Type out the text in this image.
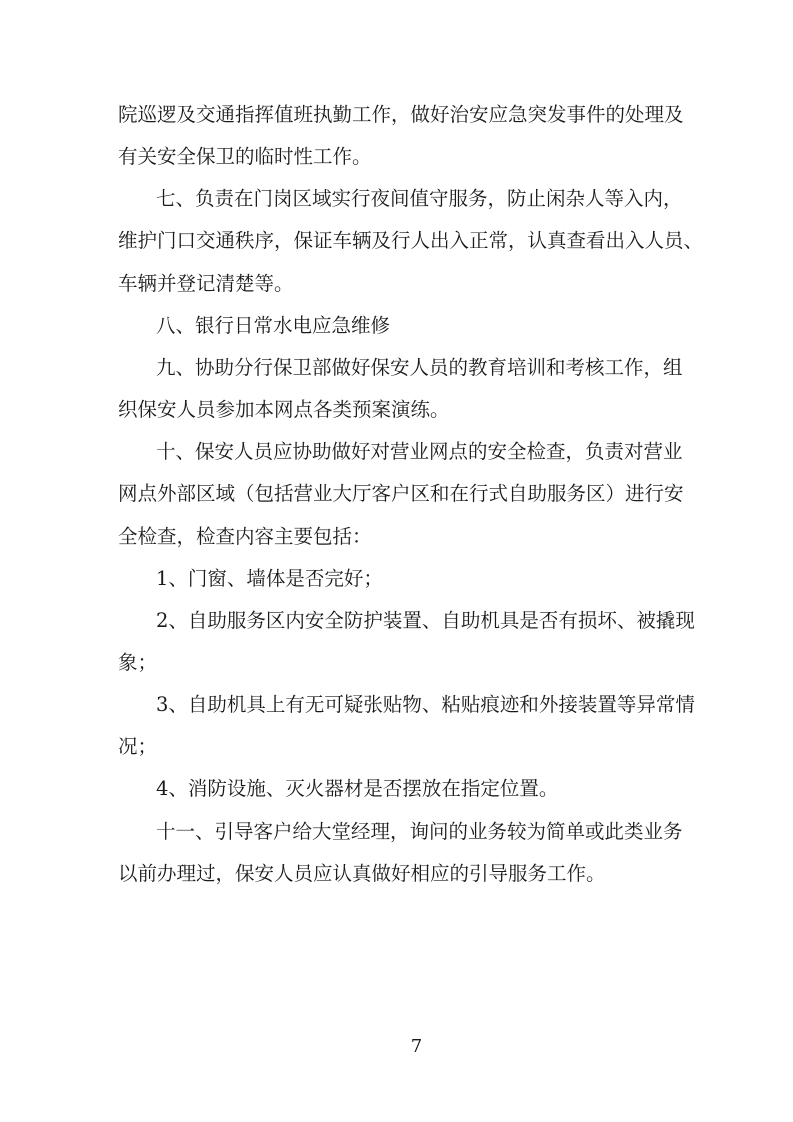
院巡逻及交通指挥值班执勤工作，做好治安应急突发事件的处理及
有关安全保卫的临时性工作。
七、负责在门岗区域实行夜间值守服务，防止闲杂人等入内，
维护门口交通秩序，保证车辆及行人出入正常，认真查看出入人员、
车辆并登记清楚等。
八、银行日常水电应急维修
九、协助分行保卫部做好保安人员的教育培训和考核工作，组
织保安人员参加本网点各类预案演练。
十、保安人员应协助做好对营业网点的安全检查，负责对营业
网点外部区域（包括营业大厅客户区和在行式自助服务区）进行安
全检查，检查内容主要包括：
1、门窗、墙体是否完好；
2、自助服务区内安全防护装置、自助机具是否有损坏、被撬现
象；
3、自助机具上有无可疑张贴物、粘贴痕迹和外接装置等异常情
况；
4、消防设施、灭火器材是否摆放在指定位置。
十一、引导客户给大堂经理，询问的业务较为简单或此类业务
以前办理过，保安人员应认真做好相应的引导服务工作。
7
